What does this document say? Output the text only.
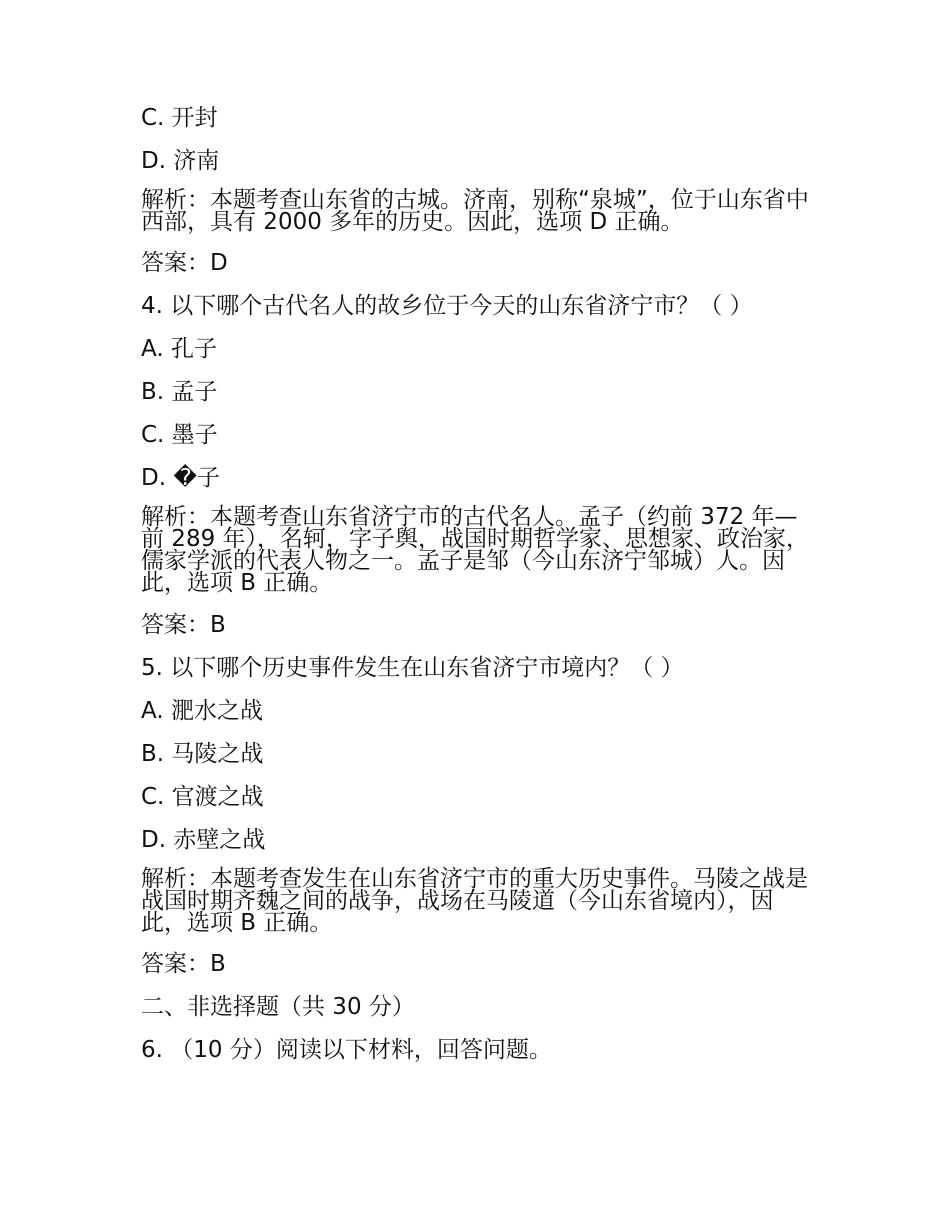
C. 开封
D. 济南
解析：本题考查山东省的古城。济南，别称“泉城”，位于山东省中西部，具有 2000 多年的历史。因此，选项 D 正确。
答案：D
4. 以下哪个古代名人的故乡位于今天的山东省济宁市？（ ）
A. 孔子
B. 孟子
C. 墨子
D. �子
解析：本题考查山东省济宁市的古代名人。孟子（约前 372 年—前 289 年），名轲，字子舆，战国时期哲学家、思想家、政治家，儒家学派的代表人物之一。孟子是邹（今山东济宁邹城）人。因此，选项 B 正确。
答案：B
5. 以下哪个历史事件发生在山东省济宁市境内？（ ）
A. 淝水之战
B. 马陵之战
C. 官渡之战
D. 赤壁之战
解析：本题考查发生在山东省济宁市的重大历史事件。马陵之战是战国时期齐魏之间的战争，战场在马陵道（今山东省境内），因此，选项 B 正确。
答案：B
二、非选择题（共 30 分）
6. （10 分）阅读以下材料，回答问题。
